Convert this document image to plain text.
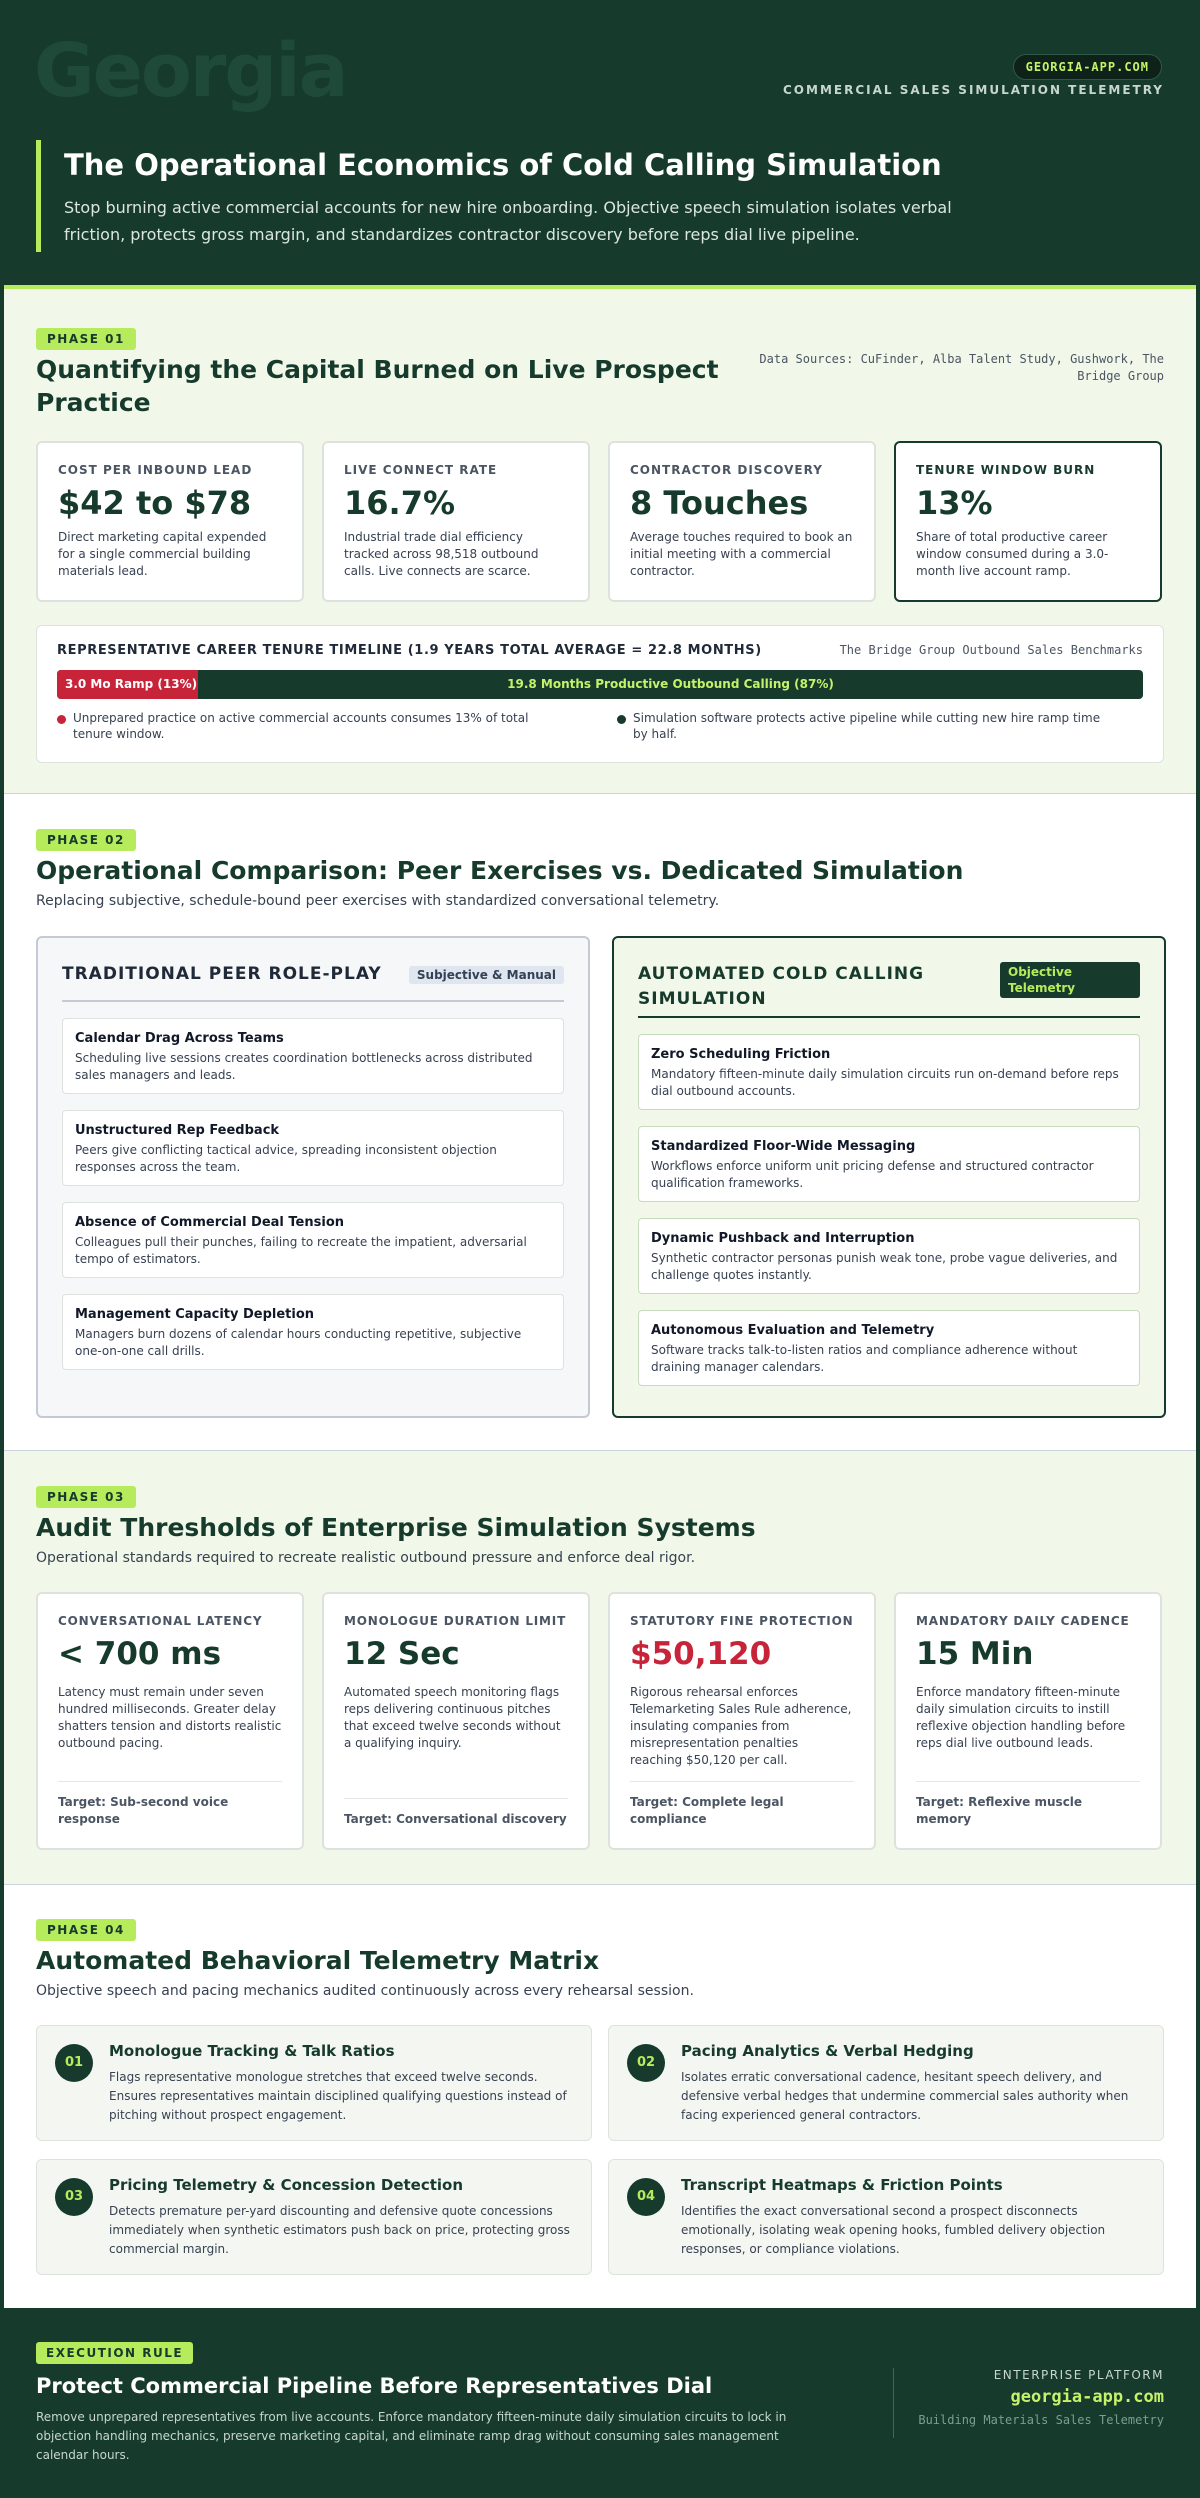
Georgia	GEORGIA-APP.COM
COMMERCIAL SALES SIMULATION TELEMETRY
The Operational Economics of Cold Calling Simulation

Stop burning active commercial accounts for new hire onboarding. Objective speech simulation isolates verbal friction, protects gross margin, and standardizes contractor discovery before reps dial live pipeline.

PHASE 01
Quantifying the Capital Burned on Live Prospect Practice
Data Sources: CuFinder, Alba Talent Study, Gushwork, The Bridge Group
COST PER INBOUND LEAD
$42 to $78
Direct marketing capital expended for a single commercial building materials lead.
LIVE CONNECT RATE
16.7%
Industrial trade dial efficiency tracked across 98,518 outbound calls. Live connects are scarce.
CONTRACTOR DISCOVERY
8 Touches
Average touches required to book an initial meeting with a commercial contractor.
TENURE WINDOW BURN
13%
Share of total productive career window consumed during a 3.0-month live account ramp.
REPRESENTATIVE CAREER TENURE TIMELINE (1.9 YEARS TOTAL AVERAGE = 22.8 MONTHS)	The Bridge Group Outbound Sales Benchmarks
3.0 Mo Ramp (13%)	19.8 Months Productive Outbound Calling (87%)
Unprepared practice on active commercial accounts consumes 13% of total tenure window.
Simulation software protects active pipeline while cutting new hire ramp time by half.
PHASE 02
Operational Comparison: Peer Exercises vs. Dedicated Simulation

Replacing subjective, schedule-bound peer exercises with standardized conversational telemetry.

TRADITIONAL PEER ROLE-PLAY	Subjective & Manual
Calendar Drag Across Teams
Scheduling live sessions creates coordination bottlenecks across distributed sales managers and leads.
Unstructured Rep Feedback
Peers give conflicting tactical advice, spreading inconsistent objection responses across the team.
Absence of Commercial Deal Tension
Colleagues pull their punches, failing to recreate the impatient, adversarial tempo of estimators.
Management Capacity Depletion
Managers burn dozens of calendar hours conducting repetitive, subjective one-on-one call drills.
AUTOMATED COLD CALLING SIMULATION
Objective Telemetry
Zero Scheduling Friction
Mandatory fifteen-minute daily simulation circuits run on-demand before reps dial outbound accounts.
Standardized Floor-Wide Messaging
Workflows enforce uniform unit pricing defense and structured contractor qualification frameworks.
Dynamic Pushback and Interruption
Synthetic contractor personas punish weak tone, probe vague deliveries, and challenge quotes instantly.
Autonomous Evaluation and Telemetry
Software tracks talk-to-listen ratios and compliance adherence without draining manager calendars.
PHASE 03
Audit Thresholds of Enterprise Simulation Systems

Operational standards required to recreate realistic outbound pressure and enforce deal rigor.

CONVERSATIONAL LATENCY
< 700 ms
Latency must remain under seven hundred milliseconds. Greater delay shatters tension and distorts realistic outbound pacing.
Target: Sub-second voice response
MONOLOGUE DURATION LIMIT
12 Sec
Automated speech monitoring flags reps delivering continuous pitches that exceed twelve seconds without a qualifying inquiry.
Target: Conversational discovery
STATUTORY FINE PROTECTION
$50,120
Rigorous rehearsal enforces Telemarketing Sales Rule adherence, insulating companies from misrepresentation penalties reaching $50,120 per call.
Target: Complete legal compliance
MANDATORY DAILY CADENCE
15 Min
Enforce mandatory fifteen-minute daily simulation circuits to instill reflexive objection handling before reps dial live outbound leads.
Target: Reflexive muscle memory
PHASE 04
Automated Behavioral Telemetry Matrix

Objective speech and pacing mechanics audited continuously across every rehearsal session.

01
Monologue Tracking & Talk Ratios
Flags representative monologue stretches that exceed twelve seconds. Ensures representatives maintain disciplined qualifying questions instead of pitching without prospect engagement.
02
Pacing Analytics & Verbal Hedging
Isolates erratic conversational cadence, hesitant speech delivery, and defensive verbal hedges that undermine commercial sales authority when facing experienced general contractors.
03
Pricing Telemetry & Concession Detection
Detects premature per-yard discounting and defensive quote concessions immediately when synthetic estimators push back on price, protecting gross commercial margin.
04
Transcript Heatmaps & Friction Points
Identifies the exact conversational second a prospect disconnects emotionally, isolating weak opening hooks, fumbled delivery objection responses, or compliance violations.
EXECUTION RULE
Protect Commercial Pipeline Before Representatives Dial
Remove unprepared representatives from live accounts. Enforce mandatory fifteen-minute daily simulation circuits to lock in objection handling mechanics, preserve marketing capital, and eliminate ramp drag without consuming sales management calendar hours.
ENTERPRISE PLATFORM
georgia-app.com
Building Materials Sales Telemetry
